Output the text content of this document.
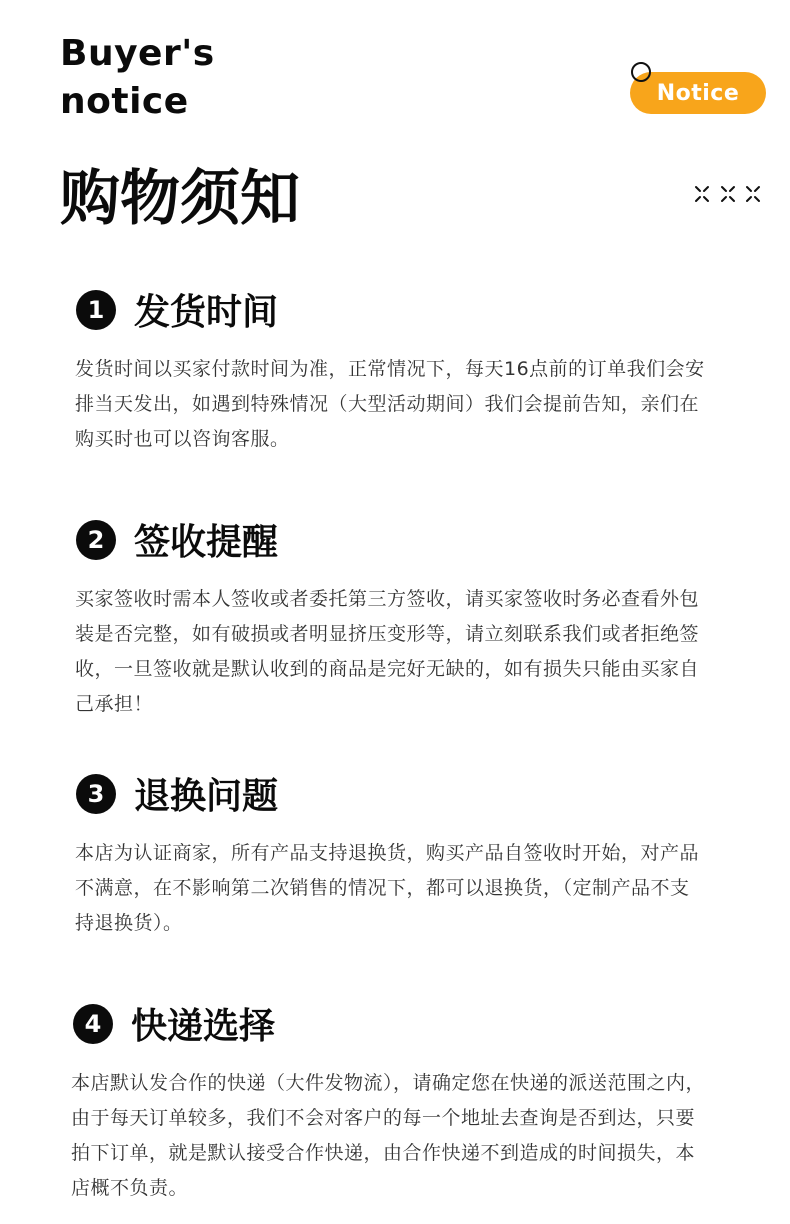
Buyer's
notice	Notice
购物须知
1 发货时间
发货时间以买家付款时间为准，正常情况下，每天16点前的订单我们会安
排当天发出，如遇到特殊情况（大型活动期间）我们会提前告知，亲们在
购买时也可以咨询客服。
2 签收提醒
买家签收时需本人签收或者委托第三方签收，请买家签收时务必查看外包
装是否完整，如有破损或者明显挤压变形等，请立刻联系我们或者拒绝签
收，一旦签收就是默认收到的商品是完好无缺的，如有损失只能由买家自
己承担！
3 退换问题
本店为认证商家，所有产品支持退换货，购买产品自签收时开始，对产品
不满意，在不影响第二次销售的情况下，都可以退换货，（定制产品不支
持退换货）。
4 快递选择
本店默认发合作的快递（大件发物流），请确定您在快递的派送范围之内，
由于每天订单较多，我们不会对客户的每一个地址去查询是否到达，只要
拍下订单，就是默认接受合作快递，由合作快递不到造成的时间损失，本
店概不负责。
